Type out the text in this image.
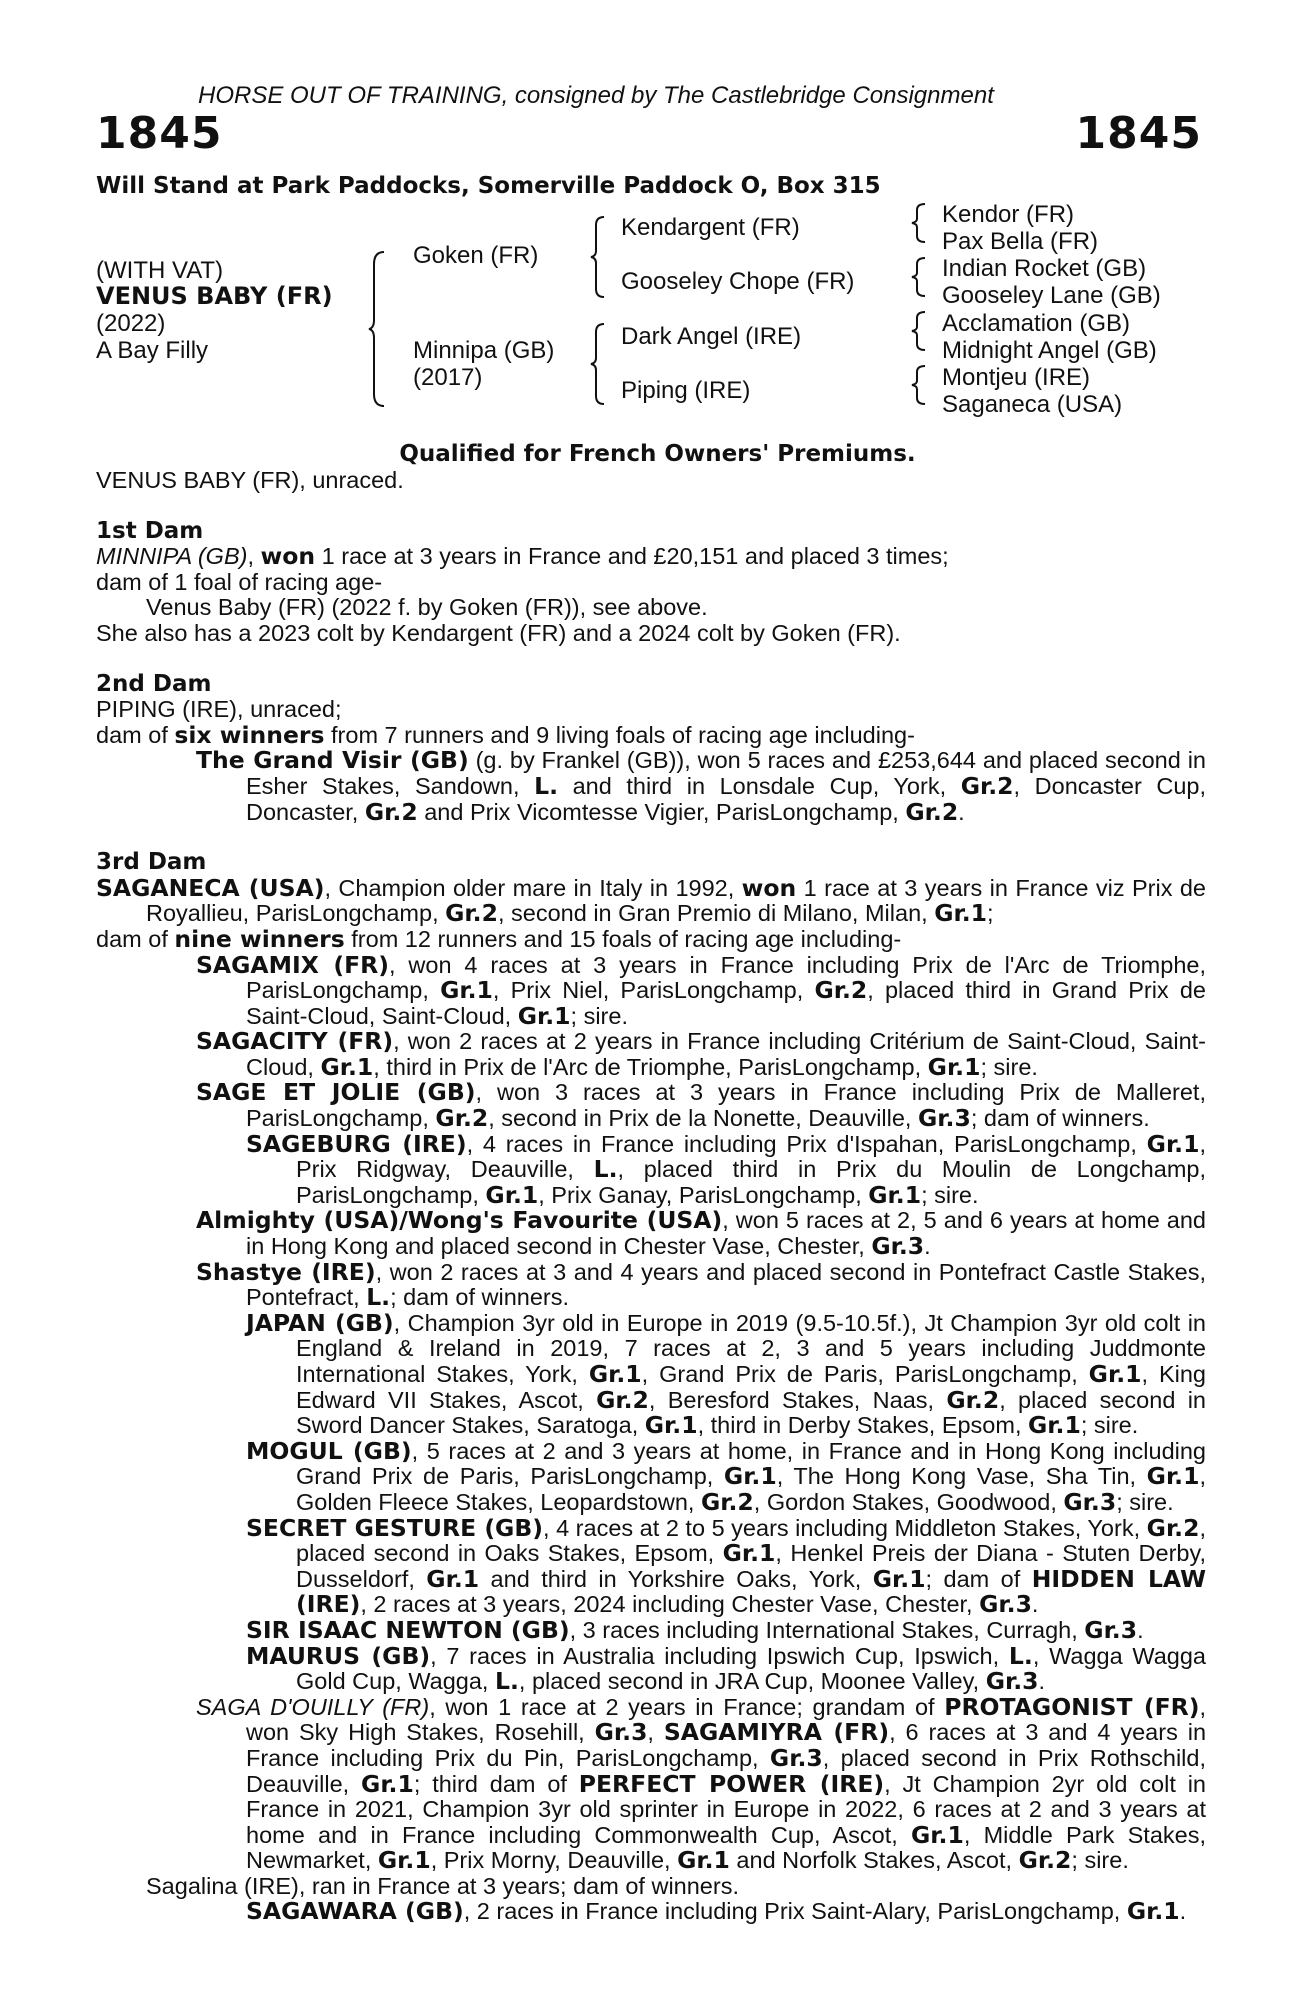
HORSE OUT OF TRAINING, consigned by The Castlebridge Consignment
1845	1845
Will Stand at Park Paddocks, Somerville Paddock O, Box 315
(WITH VAT)
VENUS BABY (FR)
(2022)
A Bay Filly
Goken (FR)
Minnipa (GB)
(2017)
Kendargent (FR)
Gooseley Chope (FR)
Dark Angel (IRE)
Piping (IRE)
Kendor (FR)
Pax Bella (FR)
Indian Rocket (GB)
Gooseley Lane (GB)
Acclamation (GB)
Midnight Angel (GB)
Montjeu (IRE)
Saganeca (USA)
Qualified for French Owners' Premiums.

VENUS BABY (FR), unraced.

1st Dam

MINNIPA (GB), won 1 race at 3 years in France and £20,151 and placed 3 times;

dam of 1 foal of racing age-

Venus Baby (FR) (2022 f. by Goken (FR)), see above.

She also has a 2023 colt by Kendargent (FR) and a 2024 colt by Goken (FR).

2nd Dam

PIPING (IRE), unraced;

dam of six winners from 7 runners and 9 living foals of racing age including-

The Grand Visir (GB) (g. by Frankel (GB)), won 5 races and £253,644 and placed second in Esher Stakes, Sandown, L. and third in Lonsdale Cup, York, Gr.2, Doncaster Cup, Doncaster, Gr.2 and Prix Vicomtesse Vigier, ParisLongchamp, Gr.2.

3rd Dam

SAGANECA (USA), Champion older mare in Italy in 1992, won 1 race at 3 years in France viz Prix de Royallieu, ParisLongchamp, Gr.2, second in Gran Premio di Milano, Milan, Gr.1;

dam of nine winners from 12 runners and 15 foals of racing age including-

SAGAMIX (FR), won 4 races at 3 years in France including Prix de l'Arc de Triomphe, ParisLongchamp, Gr.1, Prix Niel, ParisLongchamp, Gr.2, placed third in Grand Prix de Saint-Cloud, Saint-Cloud, Gr.1; sire.

SAGACITY (FR), won 2 races at 2 years in France including Critérium de Saint-Cloud, Saint-Cloud, Gr.1, third in Prix de l'Arc de Triomphe, ParisLongchamp, Gr.1; sire.

SAGE ET JOLIE (GB), won 3 races at 3 years in France including Prix de Malleret, ParisLongchamp, Gr.2, second in Prix de la Nonette, Deauville, Gr.3; dam of winners.

SAGEBURG (IRE), 4 races in France including Prix d'Ispahan, ParisLongchamp, Gr.1, Prix Ridgway, Deauville, L., placed third in Prix du Moulin de Longchamp, ParisLongchamp, Gr.1, Prix Ganay, ParisLongchamp, Gr.1; sire.

Almighty (USA)/Wong's Favourite (USA), won 5 races at 2, 5 and 6 years at home and in Hong Kong and placed second in Chester Vase, Chester, Gr.3.

Shastye (IRE), won 2 races at 3 and 4 years and placed second in Pontefract Castle Stakes, Pontefract, L.; dam of winners.

JAPAN (GB), Champion 3yr old in Europe in 2019 (9.5-10.5f.), Jt Champion 3yr old colt in England & Ireland in 2019, 7 races at 2, 3 and 5 years including Juddmonte International Stakes, York, Gr.1, Grand Prix de Paris, ParisLongchamp, Gr.1, King Edward VII Stakes, Ascot, Gr.2, Beresford Stakes, Naas, Gr.2, placed second in Sword Dancer Stakes, Saratoga, Gr.1, third in Derby Stakes, Epsom, Gr.1; sire.

MOGUL (GB), 5 races at 2 and 3 years at home, in France and in Hong Kong including Grand Prix de Paris, ParisLongchamp, Gr.1, The Hong Kong Vase, Sha Tin, Gr.1, Golden Fleece Stakes, Leopardstown, Gr.2, Gordon Stakes, Goodwood, Gr.3; sire.

SECRET GESTURE (GB), 4 races at 2 to 5 years including Middleton Stakes, York, Gr.2, placed second in Oaks Stakes, Epsom, Gr.1, Henkel Preis der Diana - Stuten Derby, Dusseldorf, Gr.1 and third in Yorkshire Oaks, York, Gr.1; dam of HIDDEN LAW (IRE), 2 races at 3 years, 2024 including Chester Vase, Chester, Gr.3.

SIR ISAAC NEWTON (GB), 3 races including International Stakes, Curragh, Gr.3.

MAURUS (GB), 7 races in Australia including Ipswich Cup, Ipswich, L., Wagga Wagga Gold Cup, Wagga, L., placed second in JRA Cup, Moonee Valley, Gr.3.

SAGA D'OUILLY (FR), won 1 race at 2 years in France; grandam of PROTAGONIST (FR), won Sky High Stakes, Rosehill, Gr.3, SAGAMIYRA (FR), 6 races at 3 and 4 years in France including Prix du Pin, ParisLongchamp, Gr.3, placed second in Prix Rothschild, Deauville, Gr.1; third dam of PERFECT POWER (IRE), Jt Champion 2yr old colt in France in 2021, Champion 3yr old sprinter in Europe in 2022, 6 races at 2 and 3 years at home and in France including Commonwealth Cup, Ascot, Gr.1, Middle Park Stakes, Newmarket, Gr.1, Prix Morny, Deauville, Gr.1 and Norfolk Stakes, Ascot, Gr.2; sire.

Sagalina (IRE), ran in France at 3 years; dam of winners.

SAGAWARA (GB), 2 races in France including Prix Saint-Alary, ParisLongchamp, Gr.1.
